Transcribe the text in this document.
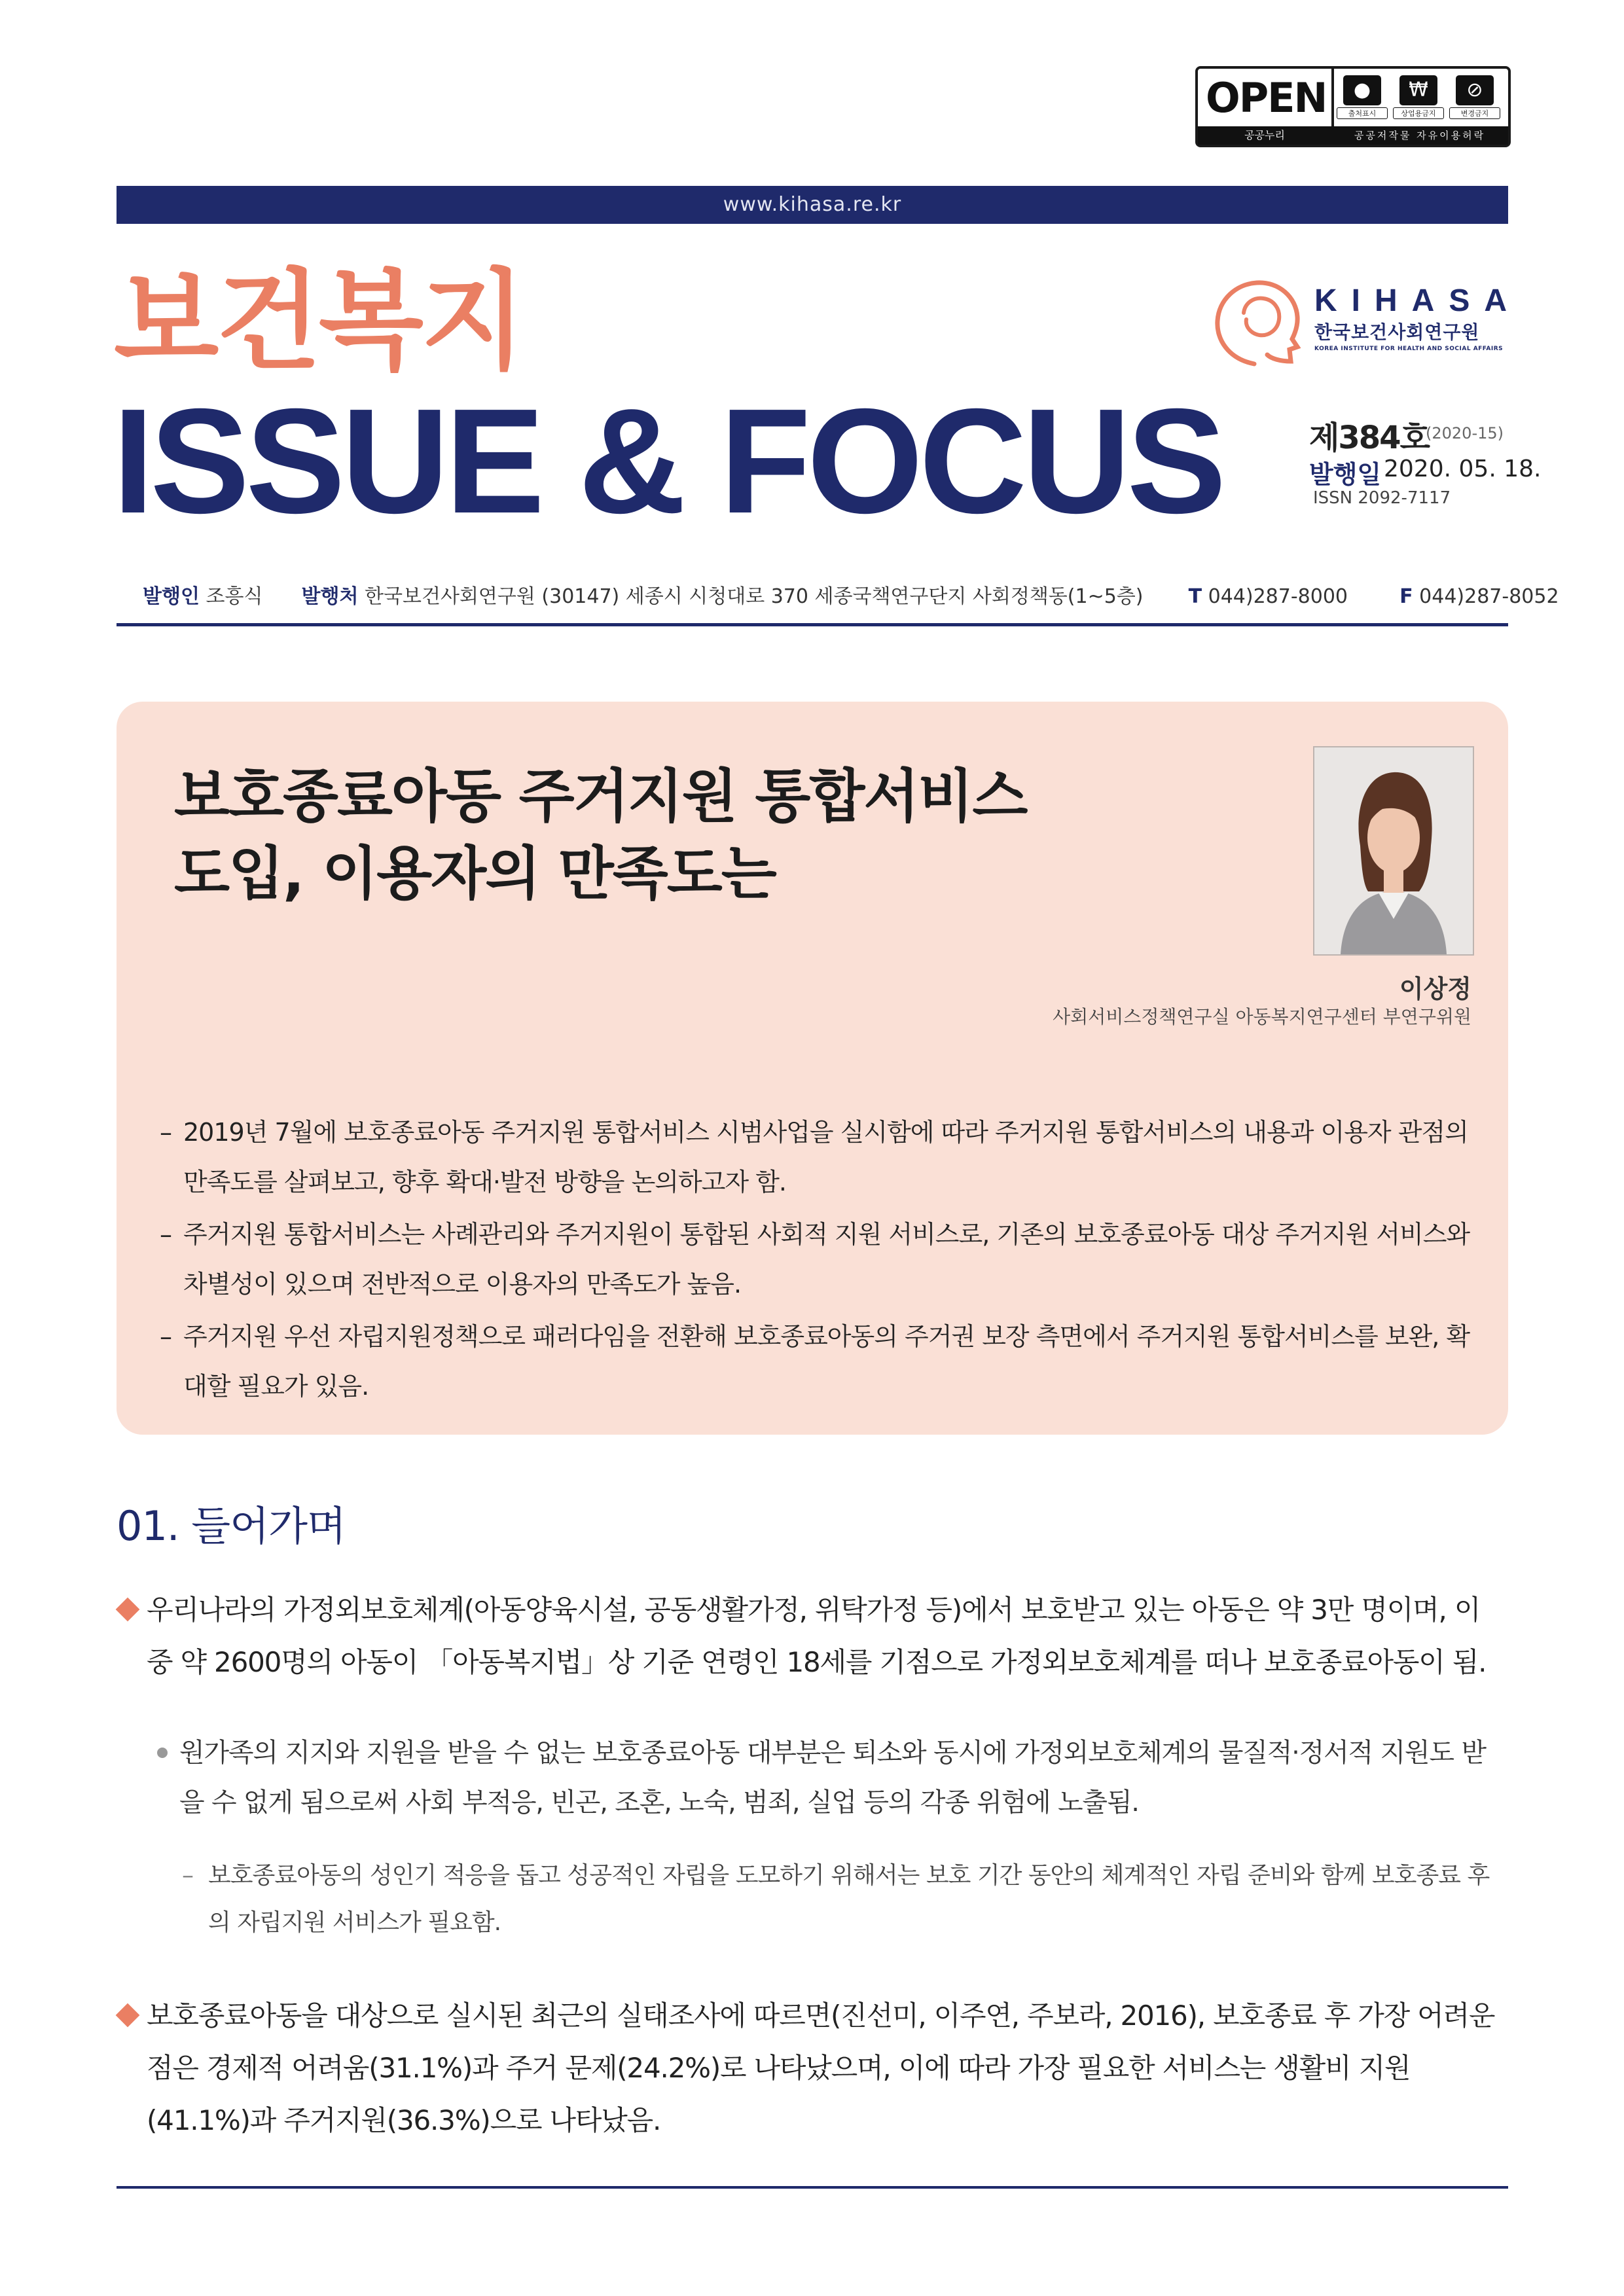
OPEN
공공누리
●
출처표시
₩
상업용금지
⊘
변경금지
공공저작물 자유이용허락
www.kihasa.re.kr
보건복지
ISSUE & FOCUS
KIHASA
한국보건사회연구원
KOREA INSTITUTE FOR HEALTH AND SOCIAL AFFAIRS
제384호
(2020-15)
발행일 2020. 05. 18.
ISSN 2092-7117
발행인 조흥식 발행처 한국보건사회연구원 (30147) 세종시 시청대로 370 세종국책연구단지 사회정책동(1~5층) T 044)287-8000	F 044)287-8052
보호종료아동 주거지원 통합서비스
도입, 이용자의 만족도는
이상정
사회서비스정책연구실 아동복지연구센터 부연구위원
– 2019년 7월에 보호종료아동 주거지원 통합서비스 시범사업을 실시함에 따라 주거지원 통합서비스의 내용과 이용자 관점의 만족도를 살펴보고, 향후 확대·발전 방향을 논의하고자 함.
– 주거지원 통합서비스는 사례관리와 주거지원이 통합된 사회적 지원 서비스로, 기존의 보호종료아동 대상 주거지원 서비스와 차별성이 있으며 전반적으로 이용자의 만족도가 높음.
– 주거지원 우선 자립지원정책으로 패러다임을 전환해 보호종료아동의 주거권 보장 측면에서 주거지원 통합서비스를 보완, 확대할 필요가 있음.
01. 들어가며
우리나라의 가정외보호체계(아동양육시설, 공동생활가정, 위탁가정 등)에서 보호받고 있는 아동은 약 3만 명이며, 이 중 약 2600명의 아동이 「아동복지법」상 기준 연령인 18세를 기점으로 가정외보호체계를 떠나 보호종료아동이 됨.
원가족의 지지와 지원을 받을 수 없는 보호종료아동 대부분은 퇴소와 동시에 가정외보호체계의 물질적·정서적 지원도 받을 수 없게 됨으로써 사회 부적응, 빈곤, 조혼, 노숙, 범죄, 실업 등의 각종 위험에 노출됨.
– 보호종료아동의 성인기 적응을 돕고 성공적인 자립을 도모하기 위해서는 보호 기간 동안의 체계적인 자립 준비와 함께 보호종료 후의 자립지원 서비스가 필요함.
보호종료아동을 대상으로 실시된 최근의 실태조사에 따르면(진선미, 이주연, 주보라, 2016), 보호종료 후 가장 어려운 점은 경제적 어려움(31.1%)과 주거 문제(24.2%)로 나타났으며, 이에 따라 가장 필요한 서비스는 생활비 지원(41.1%)과 주거지원(36.3%)으로 나타났음.
